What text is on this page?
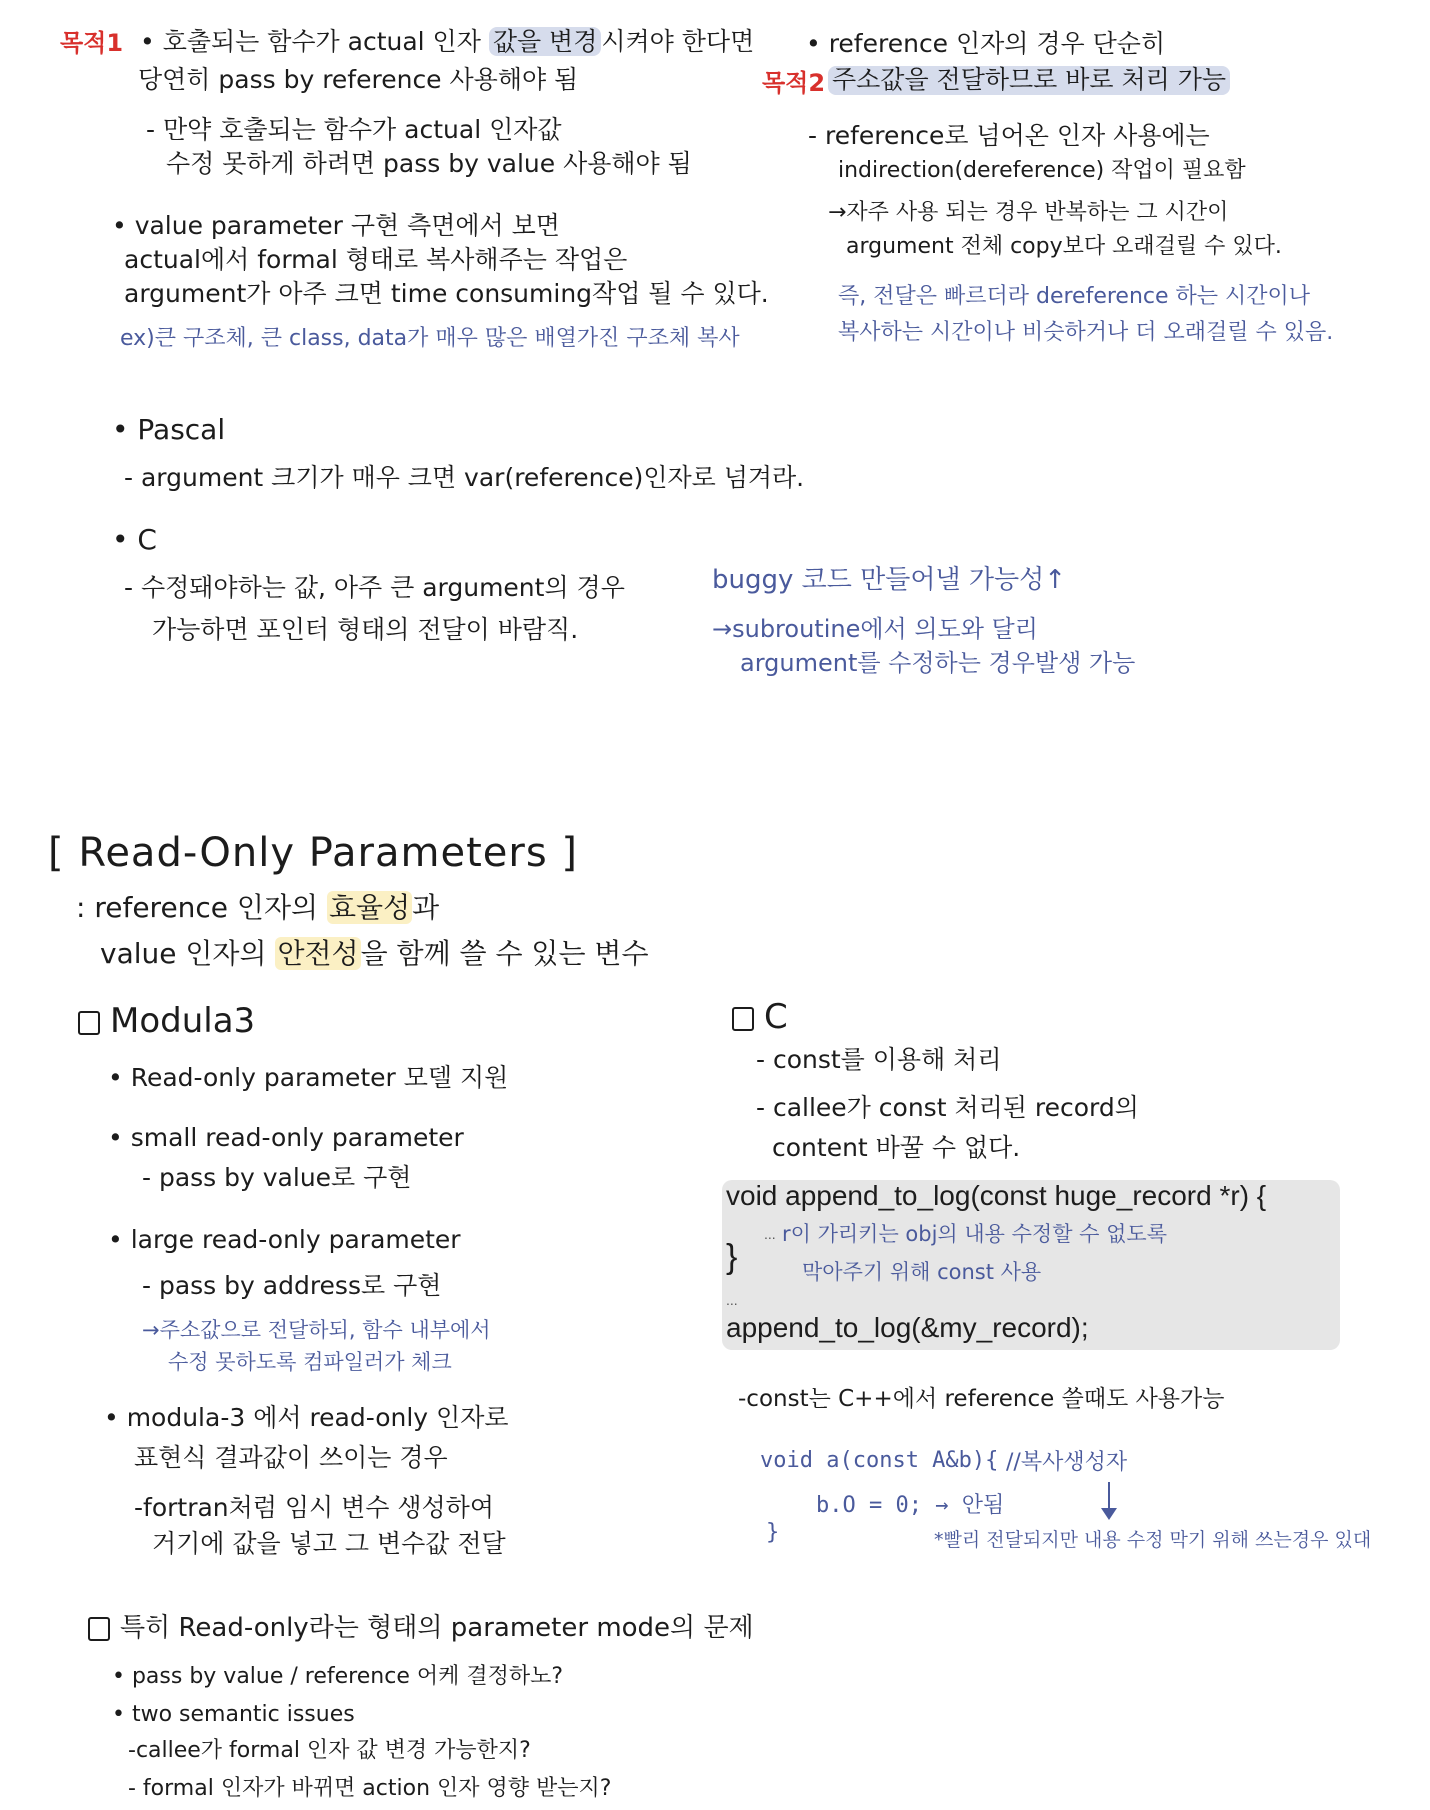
목적1 • 호출되는 함수가 actual 인자 값을 변경 시켜야 한다면
당연히 pass by reference 사용해야 됨
- 만약 호출되는 함수가 actual 인자값
수정 못하게 하려면 pass by value 사용해야 됨
• value parameter 구현 측면에서 보면
actual에서 formal 형태로 복사해주는 작업은
argument가 아주 크면 time consuming작업 될 수 있다.
ex)큰 구조체, 큰 class, data가 매우 많은 배열가진 구조체 복사
• reference 인자의 경우 단순히
목적2 주소값을 전달하므로 바로 처리 가능
- reference로 넘어온 인자 사용에는
indirection(dereference) 작업이 필요함
→자주 사용 되는 경우 반복하는 그 시간이
argument 전체 copy보다 오래걸릴 수 있다.
즉, 전달은 빠르더라 dereference 하는 시간이나
복사하는 시간이나 비슷하거나 더 오래걸릴 수 있음.
• Pascal
- argument 크기가 매우 크면 var(reference)인자로 넘겨라.
• C
- 수정돼야하는 값, 아주 큰 argument의 경우
가능하면 포인터 형태의 전달이 바람직.
buggy 코드 만들어낼 가능성↑
→subroutine에서 의도와 달리
argument를 수정하는 경우발생 가능
[ Read-Only Parameters ]
: reference 인자의 효율성과
value 인자의 안전성을 함께 쓸 수 있는 변수
Modula3
• Read-only parameter 모델 지원
• small read-only parameter
- pass by value로 구현
• large read-only parameter
- pass by address로 구현
→주소값으로 전달하되, 함수 내부에서
수정 못하도록 컴파일러가 체크
• modula-3 에서 read-only 인자로
표현식 결과값이 쓰이는 경우
-fortran처럼 임시 변수 생성하여
거기에 값을 넣고 그 변수값 전달
C
- const를 이용해 처리
- callee가 const 처리된 record의
content 바꿀 수 없다.
void append_to_log(const huge_record *r) {
...
}
...
append_to_log(&my_record);
r이 가리키는 obj의 내용 수정할 수 없도록
막아주기 위해 const 사용
-const는 C++에서 reference 쓸때도 사용가능
void a(const A&b){ //복사생성자
b.O = 0; → 안됨
}	*빨리 전달되지만 내용 수정 막기 위해 쓰는경우 있대
특히 Read-only라는 형태의 parameter mode의 문제
• pass by value / reference 어케 결정하노?
• two semantic issues
-callee가 formal 인자 값 변경 가능한지?
- formal 인자가 바뀌면 action 인자 영향 받는지?
